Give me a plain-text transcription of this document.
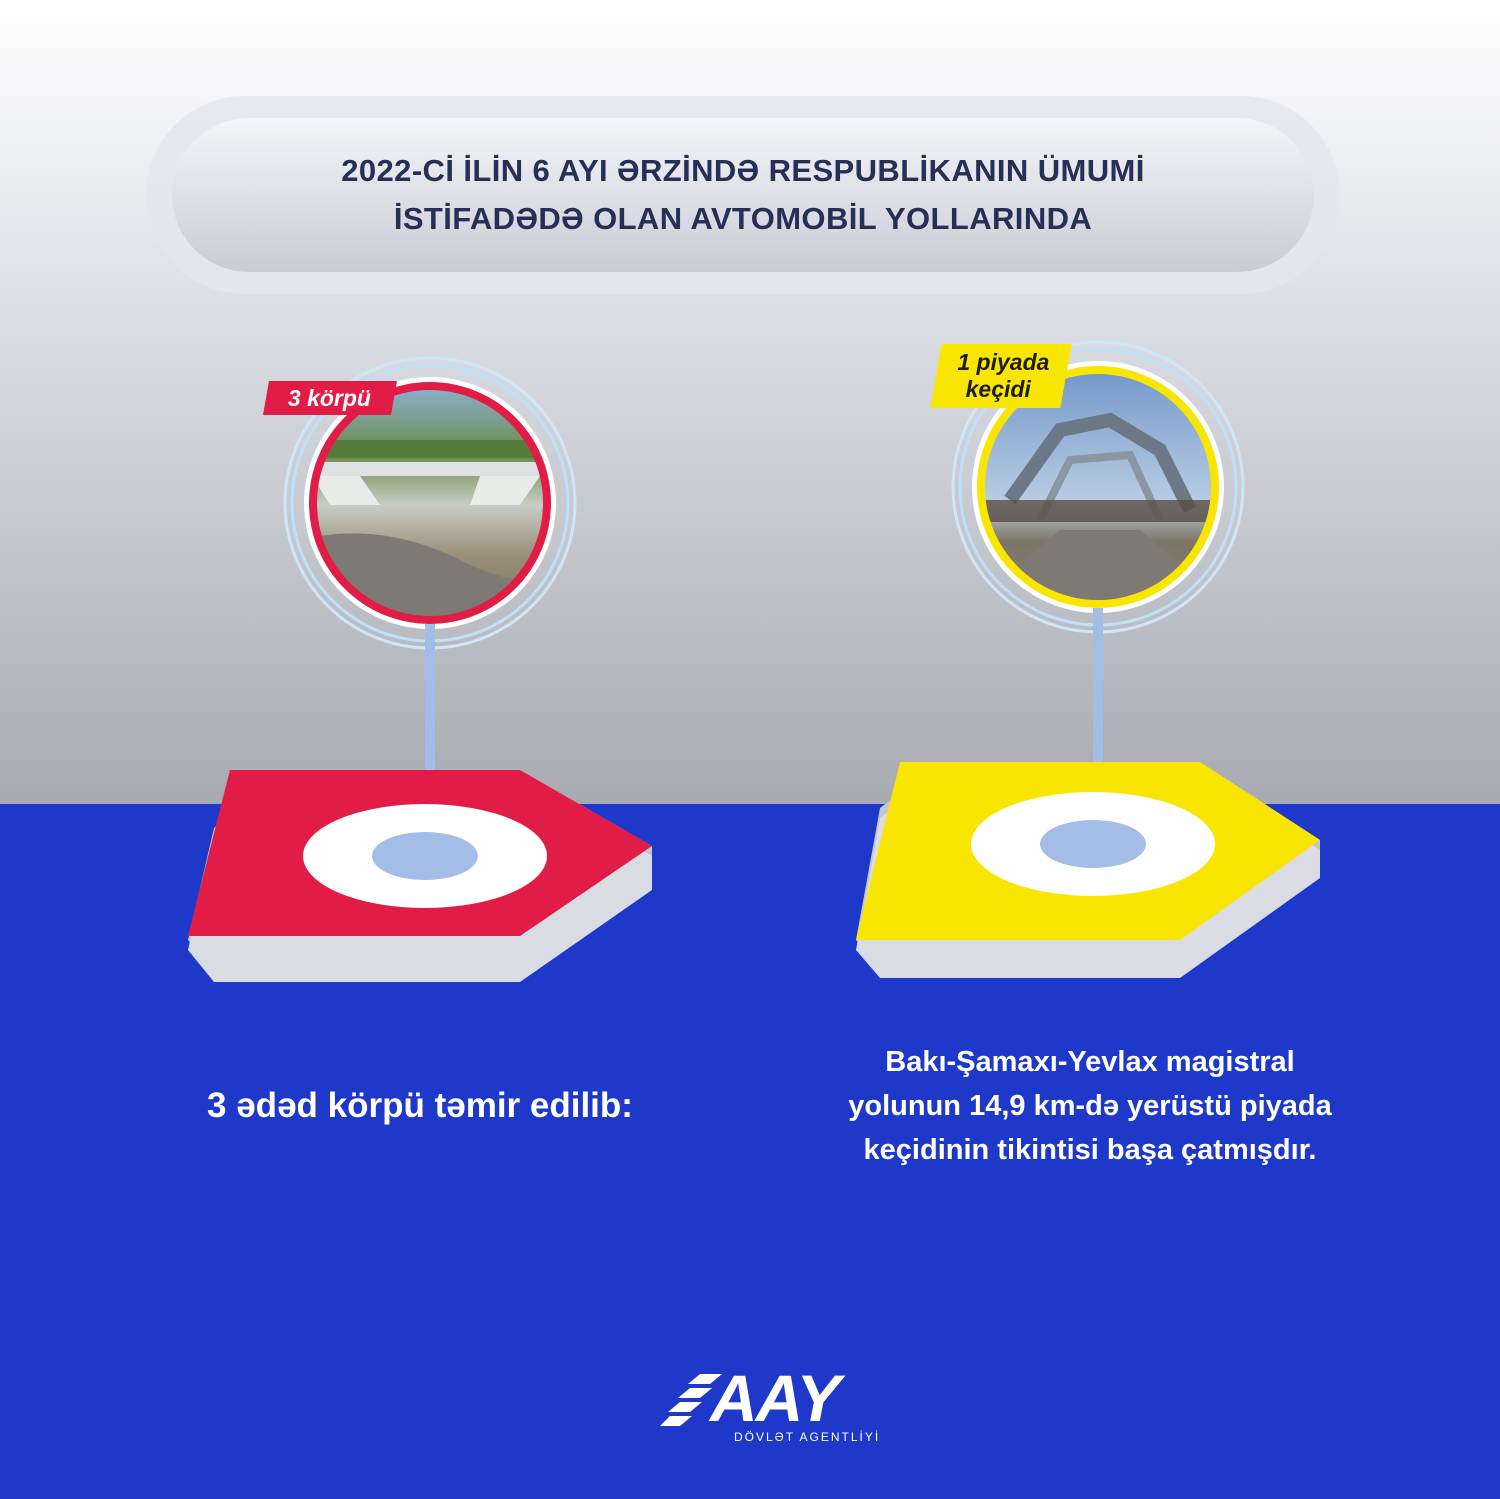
2022-Cİ İLİN 6 AYI ƏRZİNDƏ RESPUBLİKANIN ÜMUMİ
İSTİFADƏDƏ OLAN AVTOMOBİL YOLLARINDA
3 körpü
1 piyada
keçidi
3 ədəd körpü təmir edilib:
Bakı-Şamaxı-Yevlax magistral
yolunun 14,9 km-də yerüstü piyada
keçidinin tikintisi başa çatmışdır.
AAY
DÖVLƏT AGENTLİYİ
